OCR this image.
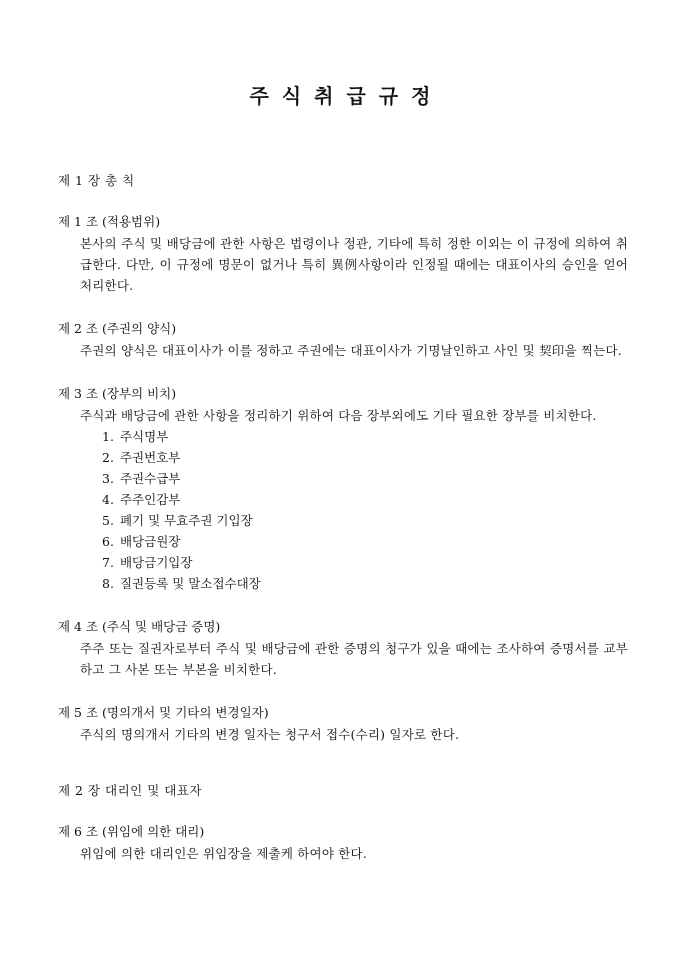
주식취급규정

제 1 장 총 칙

제 1 조 (적용범위)

본사의 주식 및 배당금에 관한 사항은 법령이나 정관, 기타에 특히 정한 이외는 이 규정에 의하여 취급한다. 다만, 이 규정에 명문이 없거나 특히 異例사항이라 인정될 때에는 대표이사의 승인을 얻어 처리한다.

제 2 조 (주권의 양식)

주권의 양식은 대표이사가 이를 정하고 주권에는 대표이사가 기명날인하고 사인 및 契印을 찍는다.

제 3 조 (장부의 비치)

주식과 배당금에 관한 사항을 정리하기 위하여 다음 장부외에도 기타 필요한 장부를 비치한다.

1. 주식명부
2. 주권번호부
3. 주권수급부
4. 주주인감부
5. 폐기 및 무효주권 기입장
6. 배당금원장
7. 배당금기입장
8. 질권등록 및 말소접수대장

제 4 조 (주식 및 배당금 증명)

주주 또는 질권자로부터 주식 및 배당금에 관한 증명의 청구가 있을 때에는 조사하여 증명서를 교부하고 그 사본 또는 부본을 비치한다.

제 5 조 (명의개서 및 기타의 변경일자)

주식의 명의개서 기타의 변경 일자는 청구서 접수(수리) 일자로 한다.

제 2 장 대리인 및 대표자

제 6 조 (위임에 의한 대리)

위임에 의한 대리인은 위임장을 제출케 하여야 한다.
